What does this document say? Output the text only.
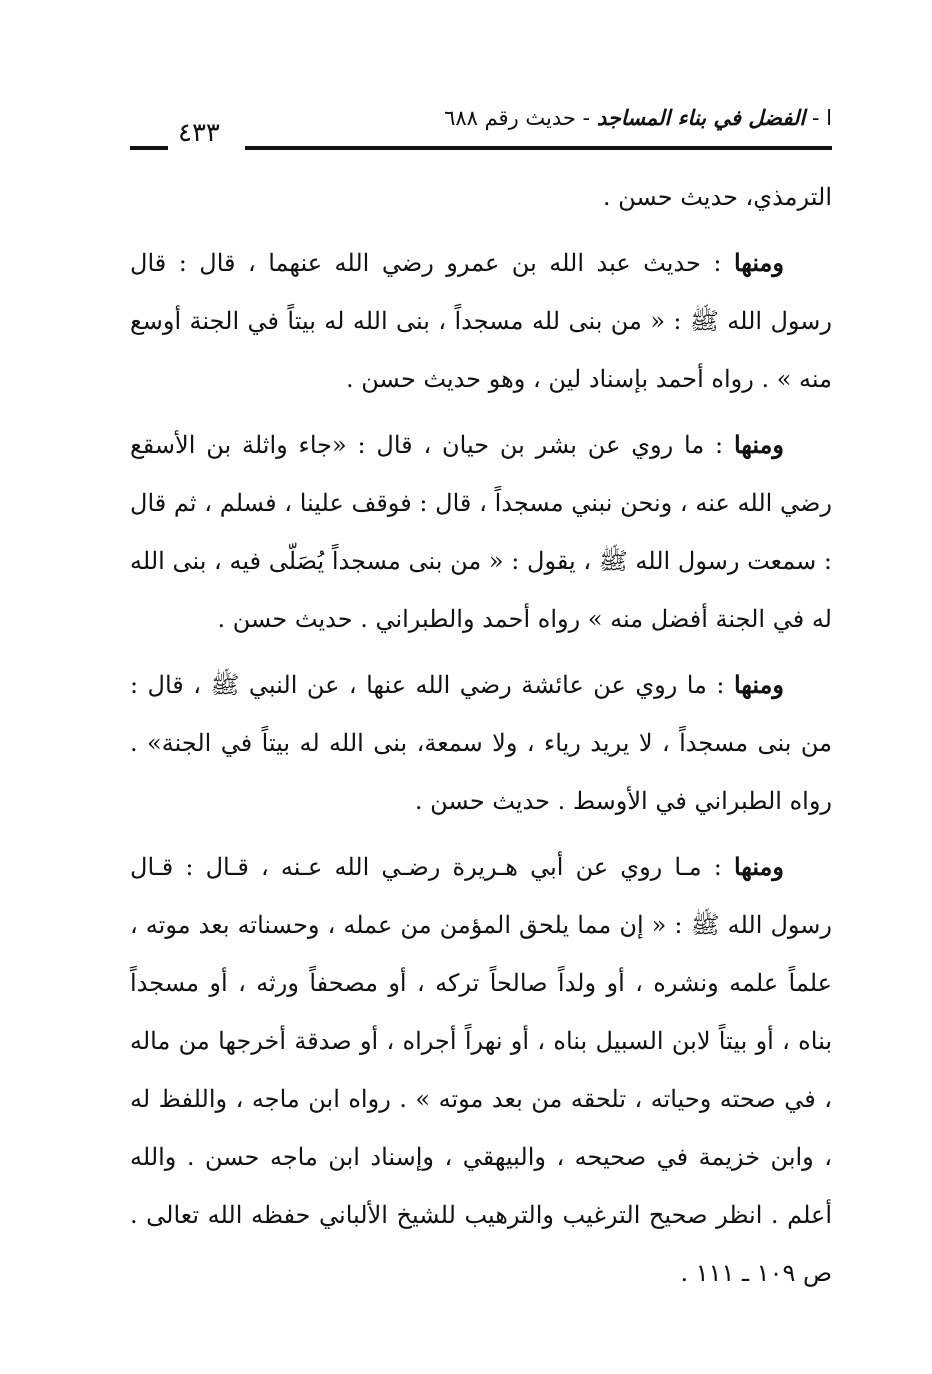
ا - الفضل في بناء المساجد - حديث رقم ٦٨٨
٤٣٣

الترمذي، حديث حسن .

ومنها : حديث عبد الله بن عمرو رضي الله عنهما ، قال : قال رسول الله ﷺ : « من بنى لله مسجداً ، بنى الله له بيتاً في الجنة أوسع منه » . رواه أحمد بإسناد لين ، وهو حديث حسن .

ومنها : ما روي عن بشر بن حيان ، قال : «جاء واثلة بن الأسقع رضي الله عنه ، ونحن نبني مسجداً ، قال : فوقف علينا ، فسلم ، ثم قال : سمعت رسول الله ﷺ ، يقول : « من بنى مسجداً يُصَلّى فيه ، بنى الله له في الجنة أفضل منه » رواه أحمد والطبراني . حديث حسن .

ومنها : ما روي عن عائشة رضي الله عنها ، عن النبي ﷺ ، قال : من بنى مسجداً ، لا يريد رياء ، ولا سمعة، بنى الله له بيتاً في الجنة» . رواه الطبراني في الأوسط . حديث حسن .

ومنها : مـا روي عن أبي هـريرة رضـي الله عـنه ، قـال : قـال رسول الله ﷺ : « إن مما يلحق المؤمن من عمله ، وحسناته بعد موته ، علماً علمه ونشره ، أو ولداً صالحاً تركه ، أو مصحفاً ورثه ، أو مسجداً بناه ، أو بيتاً لابن السبيل بناه ، أو نهراً أجراه ، أو صدقة أخرجها من ماله ، في صحته وحياته ، تلحقه من بعد موته » . رواه ابن ماجه ، واللفظ له ، وابن خزيمة في صحيحه ، والبيهقي ، وإسناد ابن ماجه حسن . والله أعلم . انظر صحيح الترغيب والترهيب للشيخ الألباني حفظه الله تعالى . ص ١٠٩ ـ ١١١ .
